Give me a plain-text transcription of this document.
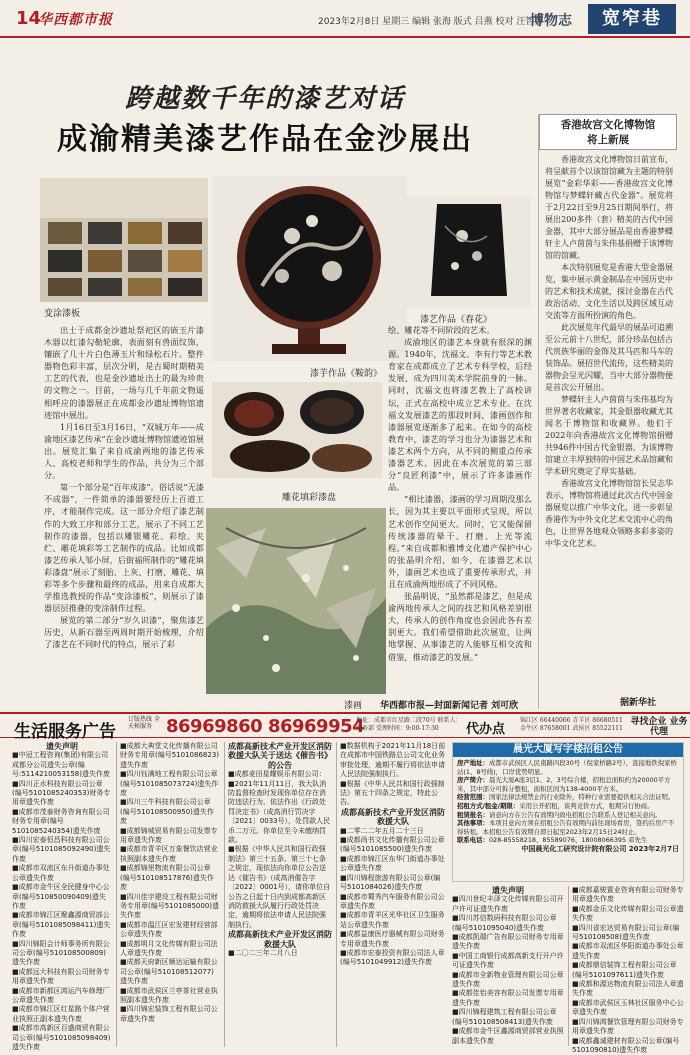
14
华西都市报	2023年2月8日 星期三 编辑 张海 版式 吕燕 校对 汪智博
博物志	宽窄巷
跨越数千年的漆艺对话
成渝精美漆艺作品在金沙展出
变涂漆板
漆芋作品《鞍韵》
漆艺作品《春花》
雕花填彩漆盘
漆画

出土于成都金沙遗址祭祀区的嵌玉片漆木器以红漆勾勒轮廓，表面刻有兽面纹饰，镶嵌了几十片白色薄玉片和绿松石片。整件器物色彩丰富，层次分明，是古蜀时期精美工艺的代表，也是金沙遗址出土的最为珍贵的文物之一。目前，一场与几千年前文物遥相呼应的漆器展正在成都金沙遗址博物馆遗迹馆中展出。

1月16日至3月16日，“双城万年——成渝地区漆艺传承”在金沙遗址博物馆遗迹馆展出。展览汇集了来自成渝两地的漆艺传承人、高校老师和学生的作品，共分为三个部分。

第一个部分是“百年成漆”。俗话说“无漆不成器”，一件简单的漆器要经历上百道工序，才能制作完成。这一部分介绍了漆艺制作的大致工序和部分工艺，展示了不同工艺制作的漆器，包括以雕银雕花、彩绘、夹纻、雕花填彩等工艺制作的成品。比如成都漆艺传承人邹小屏，后街福所制作的“雕花填彩漆盘”展示了刻胎、上灰、打磨、雕花、填彩等多个步骤和最终的成品，用来自成都大学推选教授的作品“变涂漆板”，则展示了漆器层层推叠的变涂制作过程。

展览的第二部分“岁久识漆”，聚焦漆艺历史，从新石器至两周时期开始梳理，介绍了漆艺在不同时代的特点，展示了彩

绘、雕花等不同阶段的艺术。

成渝地区的漆艺本身就有很深的渊源。1940年，沈福文、李有行等艺术教育家在成都成立了艺术专科学校，后经发展，成为四川美术学院前身的一脉。同时，沈福文也将漆艺教上了高校讲坛，正式在高校中成立艺术专业。在沈福文发展漆艺的那段时间，漆画创作和漆器展览逐渐多了起来。在如今的高校教育中，漆艺的学习也分为漆器艺术和漆艺术两个方向，从不同的侧重点传承漆器艺术。因此在本次展览的第三部分“良匠利漆”中，展示了许多漆画作品。

“相比漆器，漆画的学习周期没那么长，因为其主要以平面形式呈现，所以艺术创作空间更大。同时，它又能保留传统漆器的晕干、打磨、上光等流程。”来自成都和雅博文化遗产保护中心的张晶明介绍，如今，在漆器艺术以外，漆画艺术也成了重要传承形式，并且在成渝两地形成了不同风格。

张晶明说，“虽然都是漆艺，但是成渝两地传承人之间的技艺和风格差别很大，传承人的创作角度也会因此各有差别更大。我们希望借助此次展览，让两地掌握、从事漆艺的人能够互相交流和借鉴，推动漆艺的发展。”

华西都市报—封面新闻记者 刘可欣
香港故宫文化博物馆
将上新展

香港故宫文化博物馆日前宣布，将呈献首个以该馆馆藏为主题的特别展览“金彩华彩——香港故宫文化博物馆与梦蝶轩藏古代金器”。展览将于2月22日至9月25日期间举行，将展出200多件（套）精美的古代中国金器，其中大部分展品是由香港梦蝶轩主人卢茵茵与朱伟基捐赠于该博物馆的馆藏。

本次特别展览是香港大型金器展览，集中展示黄金制品在中国历史中的艺术和技术成就，探讨金器在古代政治活动、文化生活以及跨区域互动交流等方面所扮演的角色。

此次展览年代最早的展品可追溯至公元前十八世纪，部分珍品包括古代贵族华丽的金饰及其马匹和马车的装饰品。展招世代流传，这些精美的器物会呈光闪耀，当中大部分器物便是首次公开展出。

梦蝶轩主人卢茵茵与朱伟基均为世界著名收藏家，其金银器收藏尤其闻名于博物馆和收藏界。他们于2022年向香港故宫文化博物馆捐赠共946件中国古代金银器，为该博物馆建立丰厚独特的中国艺术品馆藏和学术研究奠定了厚实基础。

香港故宫文化博物馆馆长吴志华表示，博物馆将通过此次古代中国金器展览以推广中华文化，进一步彰显香港作为中外文化艺术交流中心的角色，让世界各地观众领略多彩多姿的中华文化艺术。

据新华社
生活服务广告
订版热线 全天候服务 86969860 86969954
地址：成都市红星路二段70号 联系人：财务部 受理时间：9:00-17:30	代办点
锦江区 66440066 青羊区 86680511 金牛区 87658001 武侯区 85522111
寻找企业 业务代理
遗失声明
■中冠工程咨询(集团)有限公司成都分公司遗失公章(编号:5114210053158)遗失作废
■四川正水科技有限公司公章(编号5101085240353)财务专用章遗失作废
■成都市茂泰财务咨询有限公司财务专用章(编号5101085240354)遗失作废
■四川宏泰恒昌科技有限公司公章(编号5101085092490)遗失作废
■成都市双流区东升街道办事处公章遗失作废
■成都市金牛区全民健身中心公章(编号510850090409)遗失作废
■成都市锦江区聚鑫源商贸部公章(编号5101085098411)遗失作废
■四川锦阳会计师事务所有限公司公章(编号510108500809)遗失作废
■成都远大科技有限公司财务专用章遗失作废
■成都市新都区鸿运汽车修理厂公章遗失作废
■成都市锦江区红星路个体户营业执照正副本遗失作废
■成都市高新区百盛商贸有限公司公章(编号5101085098409)遗失作废
■成都大典堂文化传播有限公司财务专用章(编号5101086823)遗失作废
■四川钰满地工程有限公司公章(编号5101085073724)遗失作废
■四川三牛科技有限公司公章(编号510108500950)遗失作废
■成都锦城贸易有限公司发票专用章遗失作废
■成都市青羊区万象餐饮店营业执照副本遗失作废
■成都锦里物流有限公司公章(编号510108517876)遗失作废
■四川佳宇建设工程有限公司财务专用章(编号5101085000)遗失作废
■成都市温江区宏发建材经营部公章遗失作废
■成都明月文化传媒有限公司法人章遗失作废
■成都天府新区顺达运输有限公司公章(编号510108512077)遗失作废
■成都市武侯区兰亭茶社营业执照副本遗失作废
■四川锦宏装饰工程有限公司公章遗失作废
成都高新技术产业开发区消防救援大队关于送达《催告书》的公告
■成都麦田星耀娱乐有限公司：
■2021年11月11日，我大队消防监督检查时发现你单位存在消防违法行为，依法作出《行政处罚决定书》（成高消行罚决字〔2021〕0033号），处罚款人民币二万元。你单位至今未缴纳罚款。
■根据《中华人民共和国行政强制法》第三十五条、第三十七条之规定，现依法向你单位公告送达《催告书》（成高消催告字〔2022〕0001号），请你单位自公告之日起十日内到成都高新区消防救援大队履行行政处罚决定，逾期将依法申请人民法院强制执行。
成都高新技术产业开发区消防救援大队
■二〇二三年二月八日
■数据机构于2021年11月18日前在成都市中国铁路总公司文化业务审批处理，逾期不履行将依法申请人民法院强制执行。
■根据《中华人民共和国行政强制法》第五十四条之规定，特此公告。
成都高新技术产业开发区消防救援大队
■二零二二年五月二十三日
■成都尚书文化传播有限公司公章(编号5101085500)遗失作废
■成都市锦江区东华门街道办事处公章遗失作废
■四川锦程旅游有限公司公章(编号5101084026)遗失作废
■成都市蜀秀汽车服务有限公司公章遗失作废
■成都市青羊区光华社区卫生服务站公章遗失作废
■成都益康医疗器械有限公司财务专用章遗失作废
■成都市宏泰投资有限公司法人章(编号5101049912)遗失作废
晨光大厦写字楼招租公告
房产地址：成都市武侯区人民南路四段30号（倪家桥路2号），直接地铁倪家桥站(1、8号线)，口岸优势明显。
房产简介：晨光大厦A座3层1、2、3号综合楼，招租总面积约为20000平方米，其中部分可拆分整租，面积区间为138-4000平方米。
经营范围：国家法律法规禁止的行业除外，特种行业需要提供相关合法证明。
招租方式/租金/期限：采用公开招租，谈判竞价方式，租期另行协商。
租赁报名：请意向方在公告有效期内致电招租公告联系人登记相关意向。
其他事项：本项目意向方须在招租公告有效期内前往现场看房，签约后房产不得转租。本招租公告有效期自即日起至2023年2月15日24时止。
联系电话：028-85558218、85589076、18008066395 邓先生
中国晨光化工研究设计院有限公司 2023年2月7日
遗失声明
■四川世纪丰泽文化传媒有限公司开户许可证遗失作废
■四川苏信数码科技有限公司公章(编号5101095040)遗失作废
■成都凯瑞广告有限公司财务专用章遗失作废
■中国工商银行成都高新支行开户许可证遗失作废
■成都市全新物业管理有限公司公章遗失作废
■成都佳怡美容有限公司发票专用章遗失作废
■四川锦程建筑工程有限公司公章(编号510108508413)遗失作废
■成都市金牛区鑫源商贸部营业执照副本遗失作废
■成都嘉骏置业咨询有限公司财务专用章遗失作废
■成都金乐文化传媒有限公司公章遗失作废
■四川省宏达贸易有限公司公章(编号510108508)遗失作废
■成都市双流区华阳街道办事处公章遗失作废
■成都鼎信装饰工程有限公司公章(编号5101097611)遗失作废
■成都和源达物流有限公司法人章遗失作废
■成都市武侯区玉林社区服务中心公章遗失作废
■四川锦鸿餐饮管理有限公司财务专用章遗失作废
■成都鑫诚建材有限公司公章(编号5101090810)遗失作废
